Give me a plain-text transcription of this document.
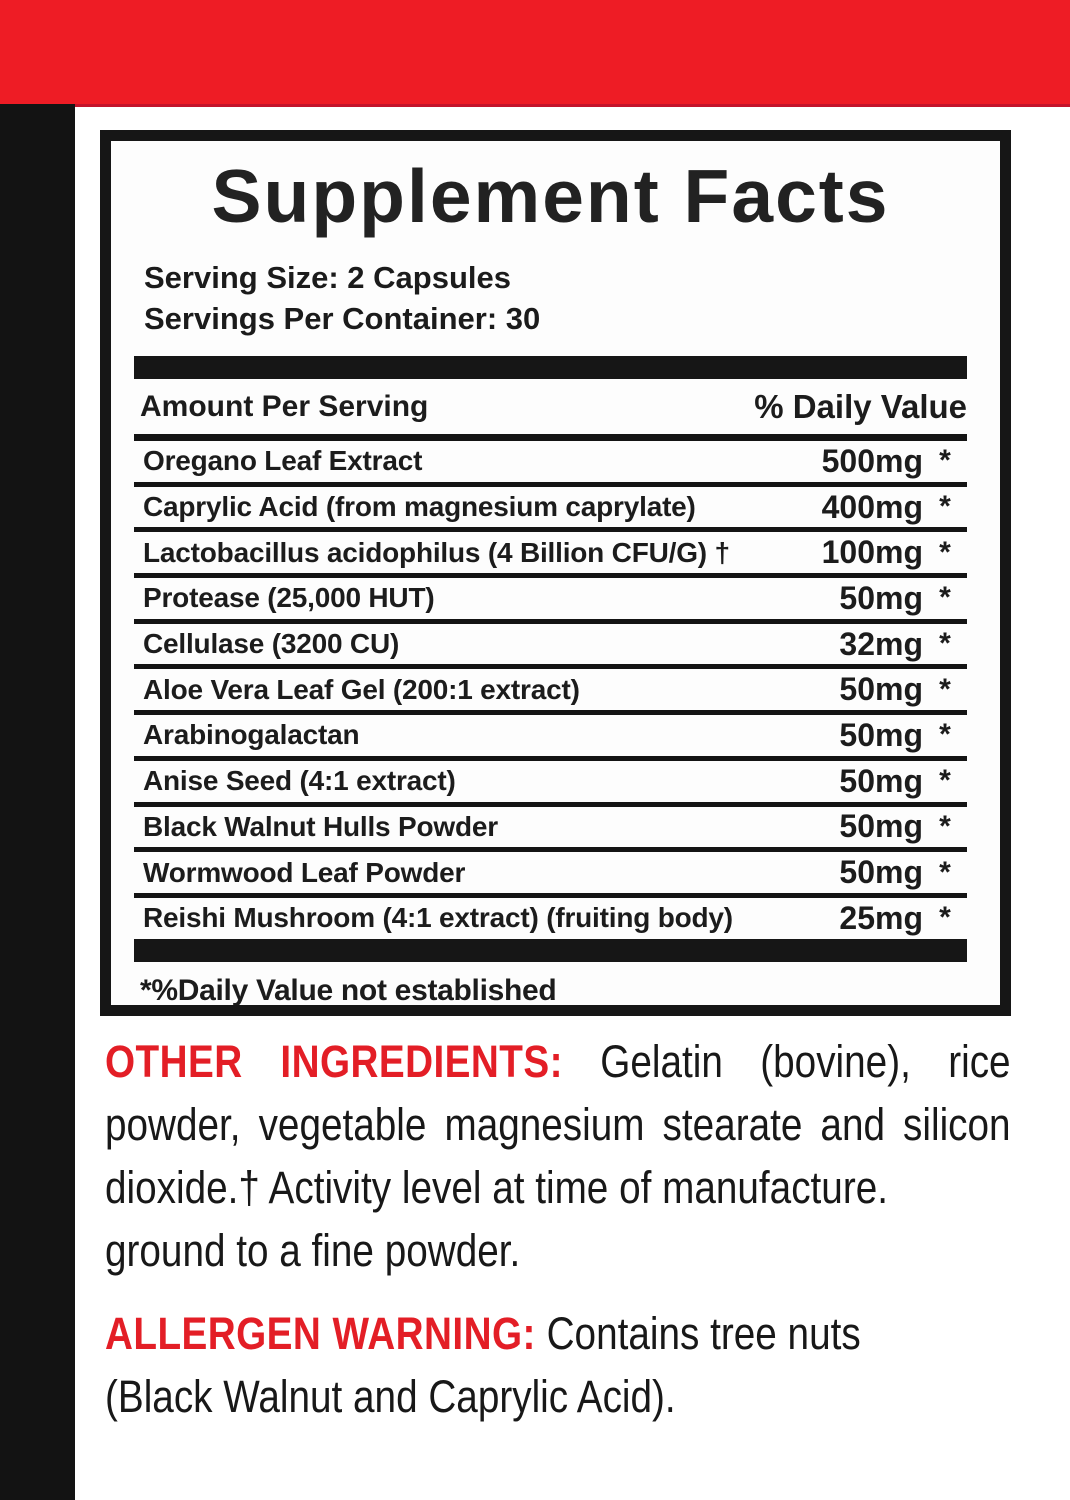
Supplement Facts
Serving Size: 2 Capsules
Servings Per Container: 30
Amount Per Serving	% Daily Value
Oregano Leaf Extract	500mg *
Caprylic Acid (from magnesium caprylate)	400mg *
Lactobacillus acidophilus (4 Billion CFU/G) †	100mg *
Protease (25,000 HUT)	50mg *
Cellulase (3200 CU)	32mg *
Aloe Vera Leaf Gel (200:1 extract)	50mg *
Arabinogalactan	50mg *
Anise Seed (4:1 extract)	50mg *
Black Walnut Hulls Powder	50mg *
Wormwood Leaf Powder	50mg *
Reishi Mushroom (4:1 extract) (fruiting body)	25mg *
*%Daily Value not established
OTHER INGREDIENTS: Gelatin (bovine), rice
powder, vegetable magnesium stearate and silicon
dioxide.† Activity level at time of manufacture.
ground to a fine powder.
ALLERGEN WARNING: Contains tree nuts
(Black Walnut and Caprylic Acid).
